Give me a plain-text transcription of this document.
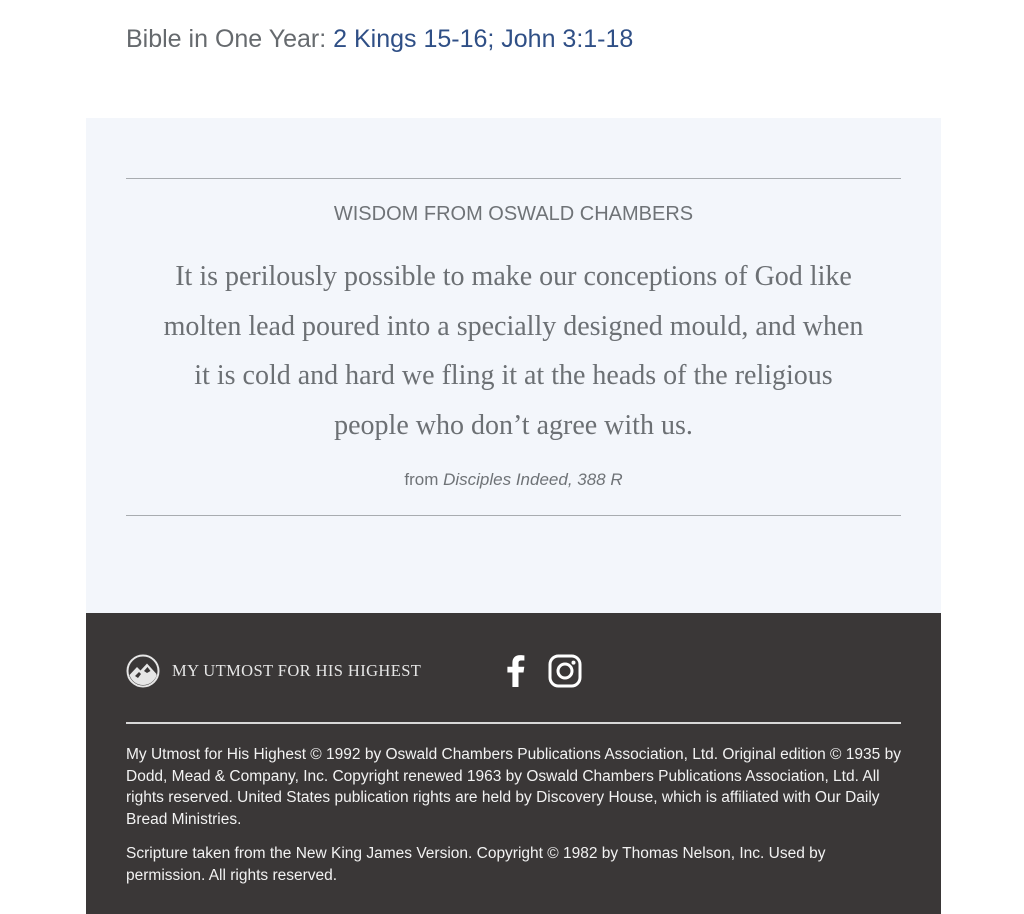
Bible in One Year: 2 Kings 15-16; John 3:1-18
WISDOM FROM OSWALD CHAMBERS
It is perilously possible to make our conceptions of God like molten lead poured into a specially designed mould, and when it is cold and hard we fling it at the heads of the religious people who don’t agree with us.
from Disciples Indeed, 388 R
MY UTMOST FOR HIS HIGHEST

My Utmost for His Highest © 1992 by Oswald Chambers Publications Association, Ltd. Original edition © 1935 by Dodd, Mead & Company, Inc. Copyright renewed 1963 by Oswald Chambers Publications Association, Ltd. All rights reserved. United States publication rights are held by Discovery House, which is affiliated with Our Daily Bread Ministries.

Scripture taken from the New King James Version. Copyright © 1982 by Thomas Nelson, Inc. Used by permission. All rights reserved.
